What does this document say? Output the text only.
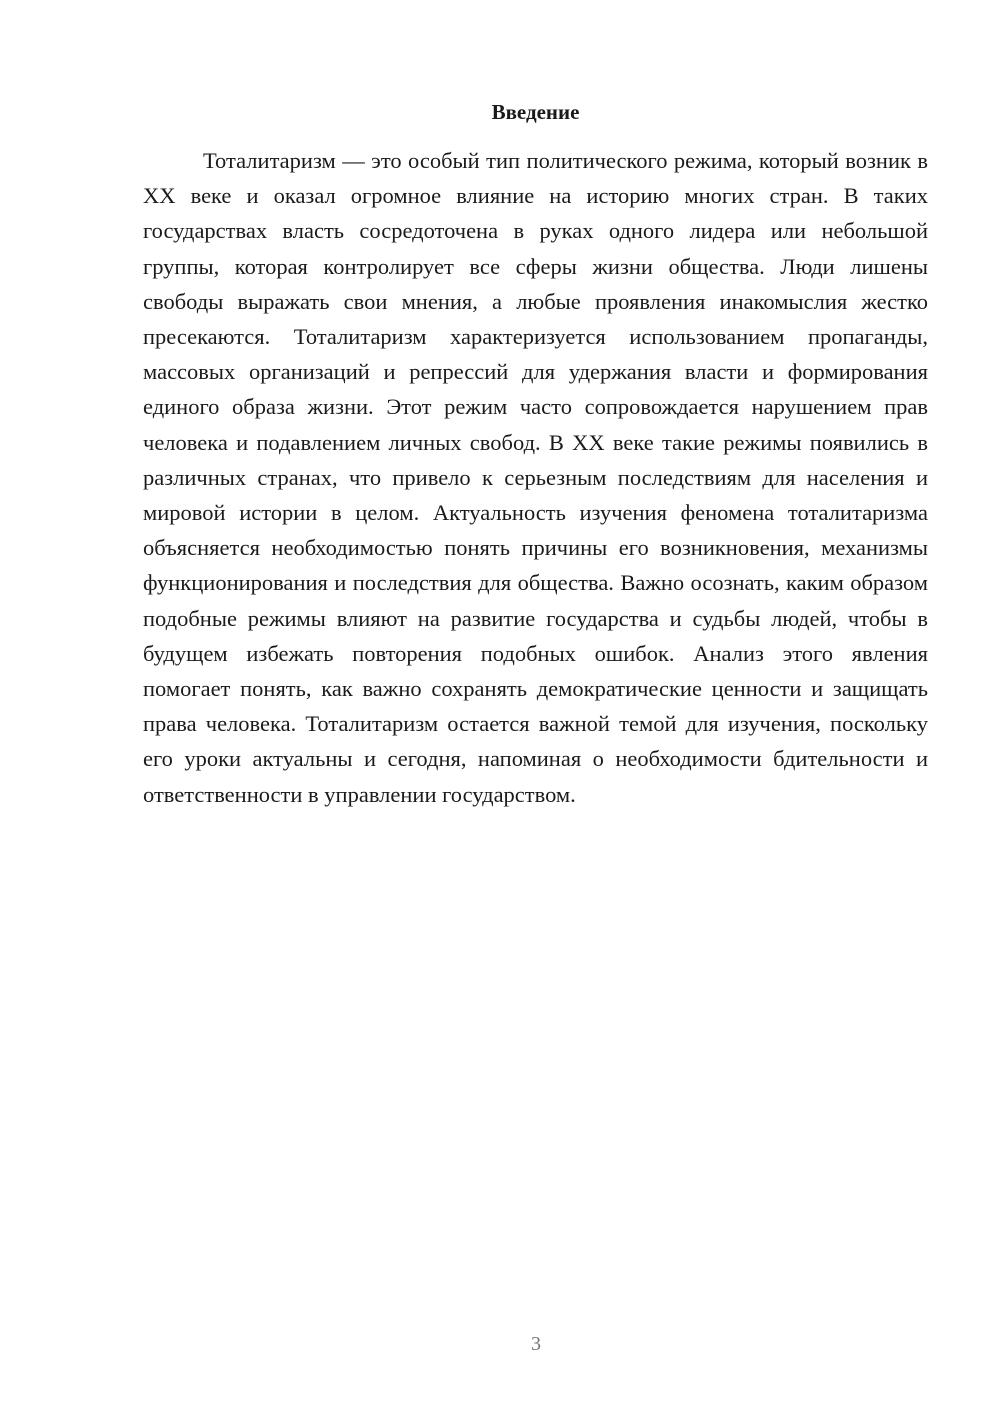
Введение

Тоталитаризм — это особый тип политического режима, который возник в XX веке и оказал огромное влияние на историю многих стран. В таких государствах власть сосредоточена в руках одного лидера или небольшой группы, которая контролирует все сферы жизни общества. Люди лишены свободы выражать свои мнения, а любые проявления инакомыслия жестко пресекаются. Тоталитаризм характеризуется использованием пропаганды, массовых организаций и репрессий для удержания власти и формирования единого образа жизни. Этот режим часто сопровождается нарушением прав человека и подавлением личных свобод. В XX веке такие режимы появились в различных странах, что привело к серьезным последствиям для населения и мировой истории в целом. Актуальность изучения феномена тоталитаризма объясняется необходимостью понять причины его возникновения, механизмы функционирования и последствия для общества. Важно осознать, каким образом подобные режимы влияют на развитие государства и судьбы людей, чтобы в будущем избежать повторения подобных ошибок. Анализ этого явления помогает понять, как важно сохранять демократические ценности и защищать права человека. Тоталитаризм остается важной темой для изучения, поскольку его уроки актуальны и сегодня, напоминая о необходимости бдительности и ответственности в управлении государством.

3
